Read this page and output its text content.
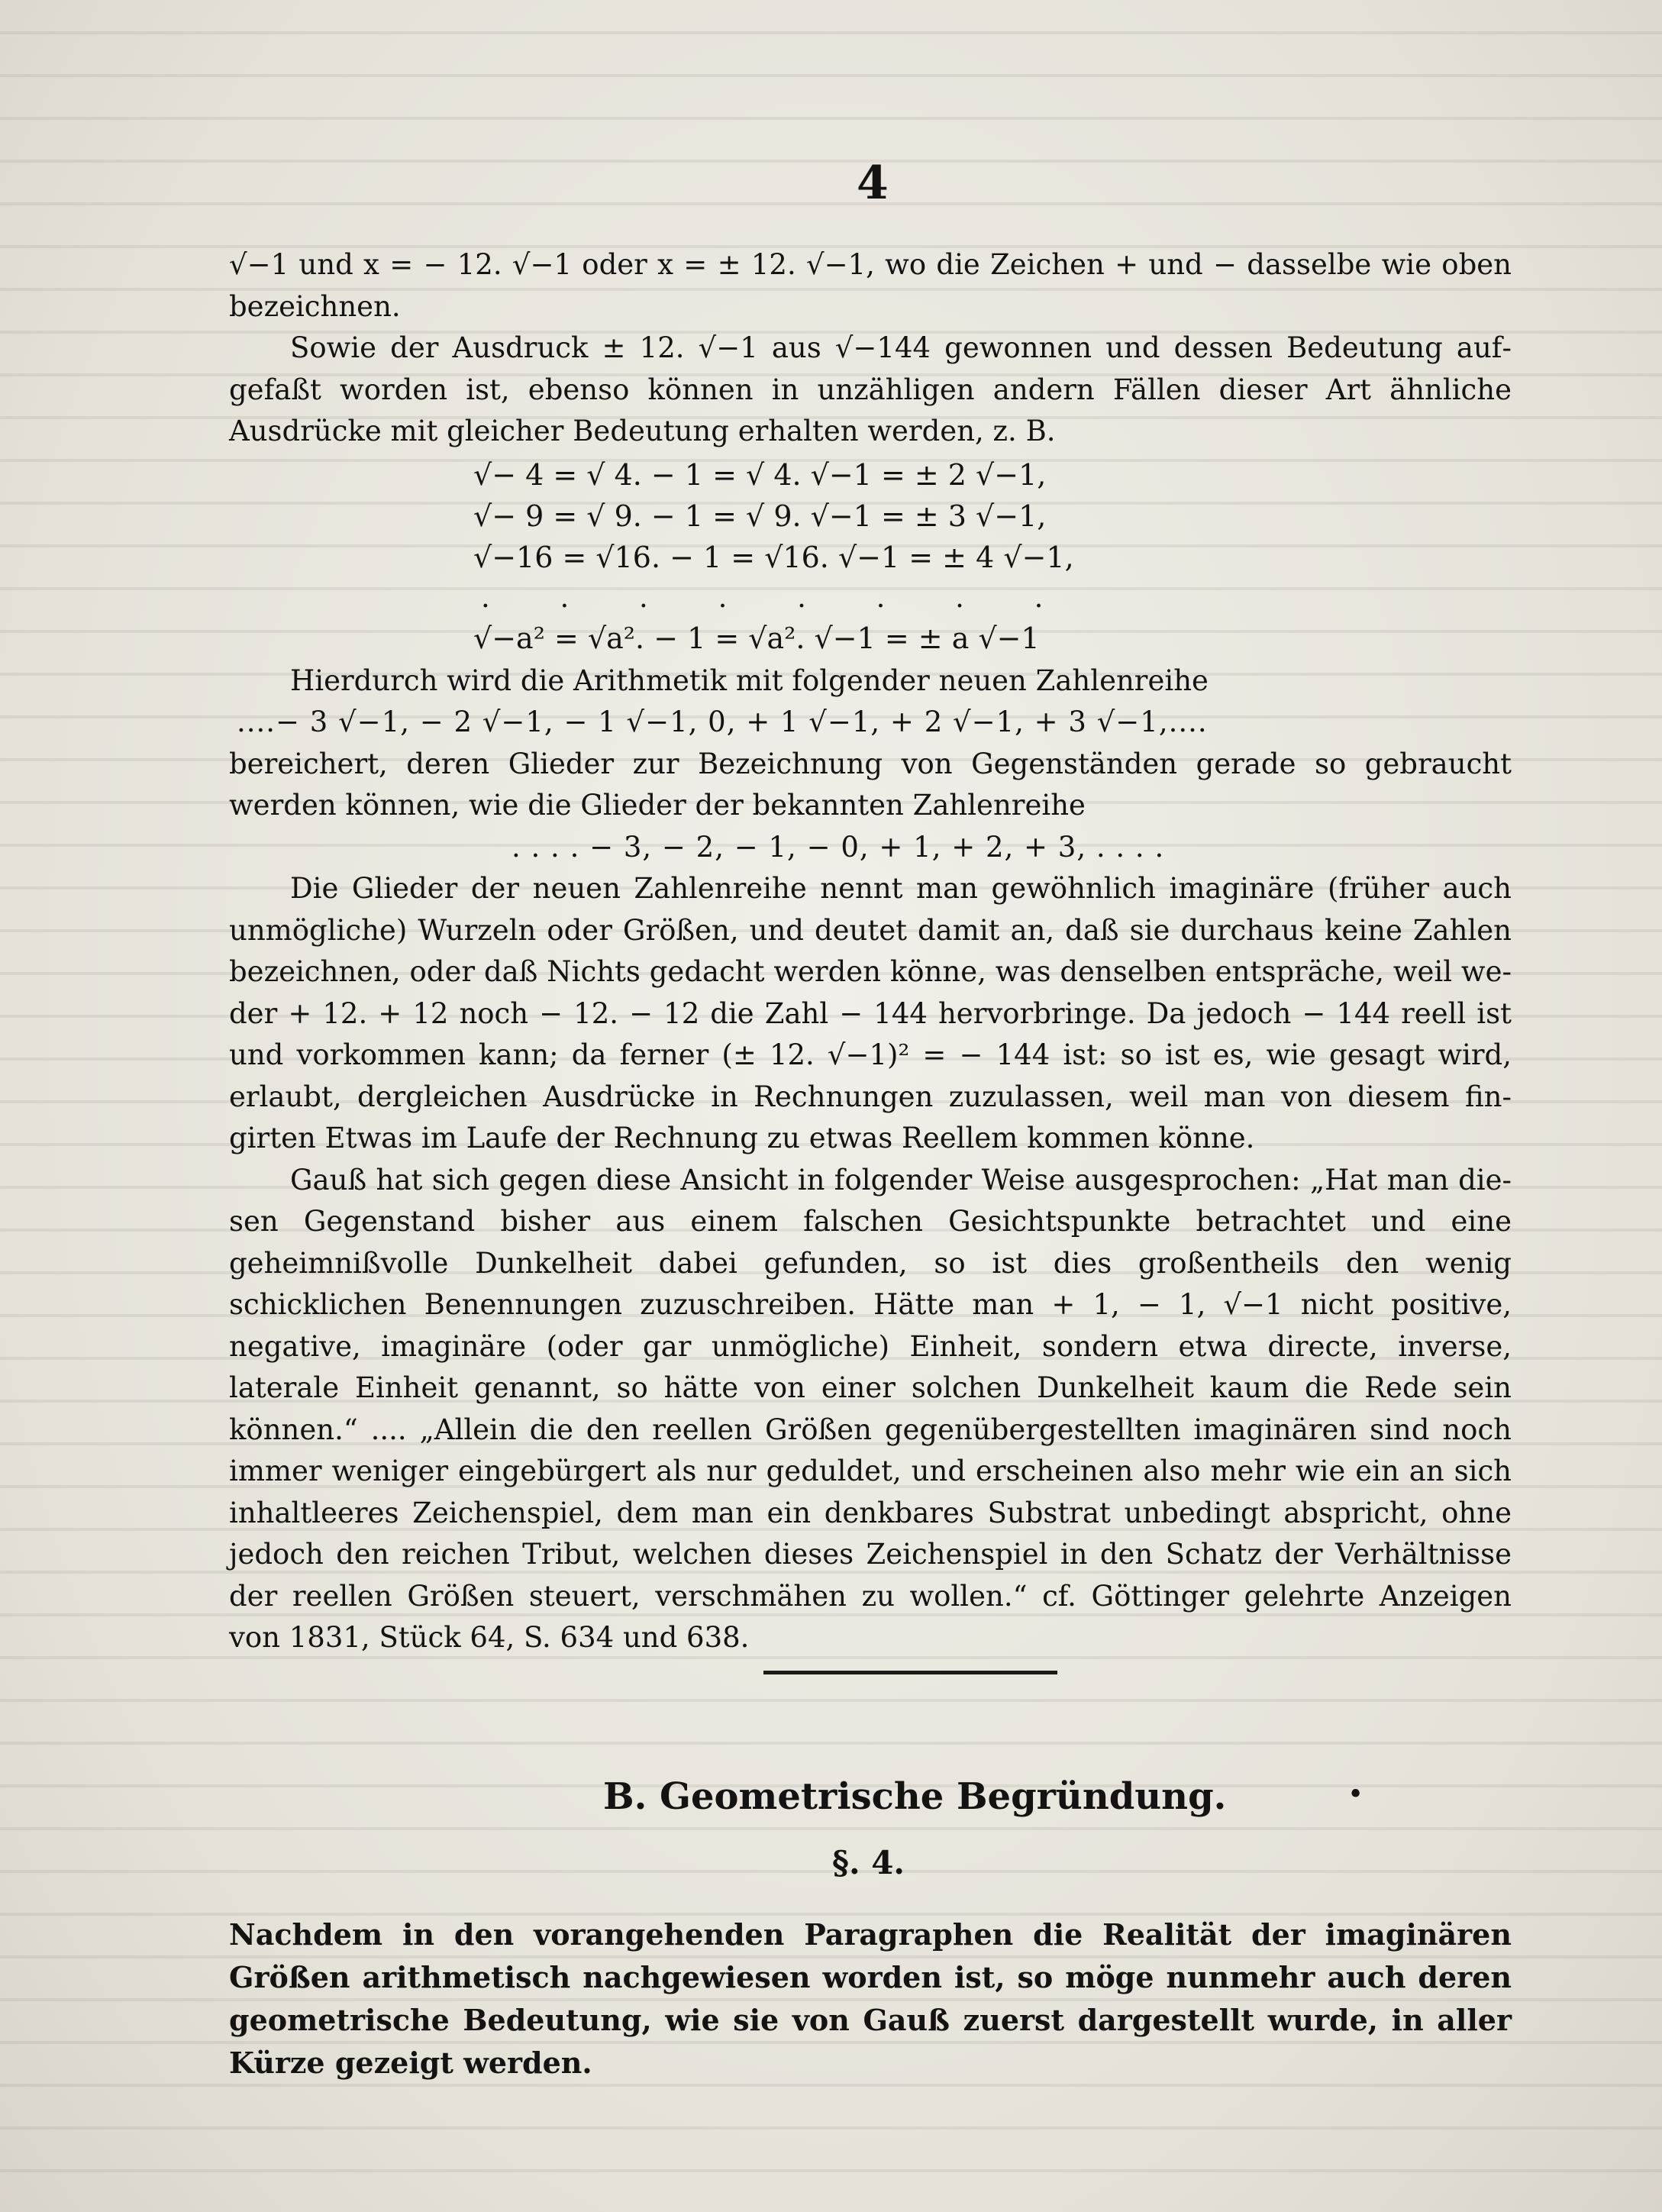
4

√−1 und x = − 12. √−1 oder x = ± 12. √−1, wo die Zeichen + und − dasselbe wie oben bezeichnen.

Sowie der Ausdruck ± 12. √−1 aus √−144 gewonnen und dessen Bedeutung aufgefaßt worden ist, ebenso können in unzähligen andern Fällen dieser Art ähnliche Ausdrücke mit gleicher Bedeutung erhalten werden, z. B.

√− 4 = √ 4. − 1 = √ 4. √−1 = ± 2 √−1,
√− 9 = √ 9. − 1 = √ 9. √−1 = ± 3 √−1,
√−16 = √16. − 1 = √16. √−1 = ± 4 √−1,
. . . . . . . .
√−a² = √a². − 1 = √a². √−1 = ± a √−1

Hierdurch wird die Arithmetik mit folgender neuen Zahlenreihe

....− 3 √−1, − 2 √−1, − 1 √−1, 0, + 1 √−1, + 2 √−1, + 3 √−1,....

bereichert, deren Glieder zur Bezeichnung von Gegenständen gerade so gebraucht werden können, wie die Glieder der bekannten Zahlenreihe

. . . . − 3, − 2, − 1, − 0, + 1, + 2, + 3, . . . .

Die Glieder der neuen Zahlenreihe nennt man gewöhnlich imaginäre (früher auch unmögliche) Wurzeln oder Größen, und deutet damit an, daß sie durchaus keine Zahlen bezeichnen, oder daß Nichts gedacht werden könne, was denselben entspräche, weil weder + 12. + 12 noch − 12. − 12 die Zahl − 144 hervorbringe. Da jedoch − 144 reell ist und vorkommen kann; da ferner (± 12. √−1)² = − 144 ist: so ist es, wie gesagt wird, erlaubt, dergleichen Ausdrücke in Rechnungen zuzulassen, weil man von diesem fingirten Etwas im Laufe der Rechnung zu etwas Reellem kommen könne.

Gauß hat sich gegen diese Ansicht in folgender Weise ausgesprochen: „Hat man diesen Gegenstand bisher aus einem falschen Gesichtspunkte betrachtet und eine geheimnißvolle Dunkelheit dabei gefunden, so ist dies großentheils den wenig schicklichen Benennungen zuzuschreiben. Hätte man + 1, − 1, √−1 nicht positive, negative, imaginäre (oder gar unmögliche) Einheit, sondern etwa directe, inverse, laterale Einheit genannt, so hätte von einer solchen Dunkelheit kaum die Rede sein können.“ .... „Allein die den reellen Größen gegenübergestellten imaginären sind noch immer weniger eingebürgert als nur geduldet, und erscheinen also mehr wie ein an sich inhaltleeres Zeichenspiel, dem man ein denkbares Substrat unbedingt abspricht, ohne jedoch den reichen Tribut, welchen dieses Zeichenspiel in den Schatz der Verhältnisse der reellen Größen steuert, verschmähen zu wollen.“ cf. Göttinger gelehrte Anzeigen von 1831, Stück 64, S. 634 und 638.

B. Geometrische Begründung.	•
§. 4.

Nachdem in den vorangehenden Paragraphen die Realität der imaginären Größen arithmetisch nachgewiesen worden ist, so möge nunmehr auch deren geometrische Bedeutung, wie sie von Gauß zuerst dargestellt wurde, in aller Kürze gezeigt werden.
